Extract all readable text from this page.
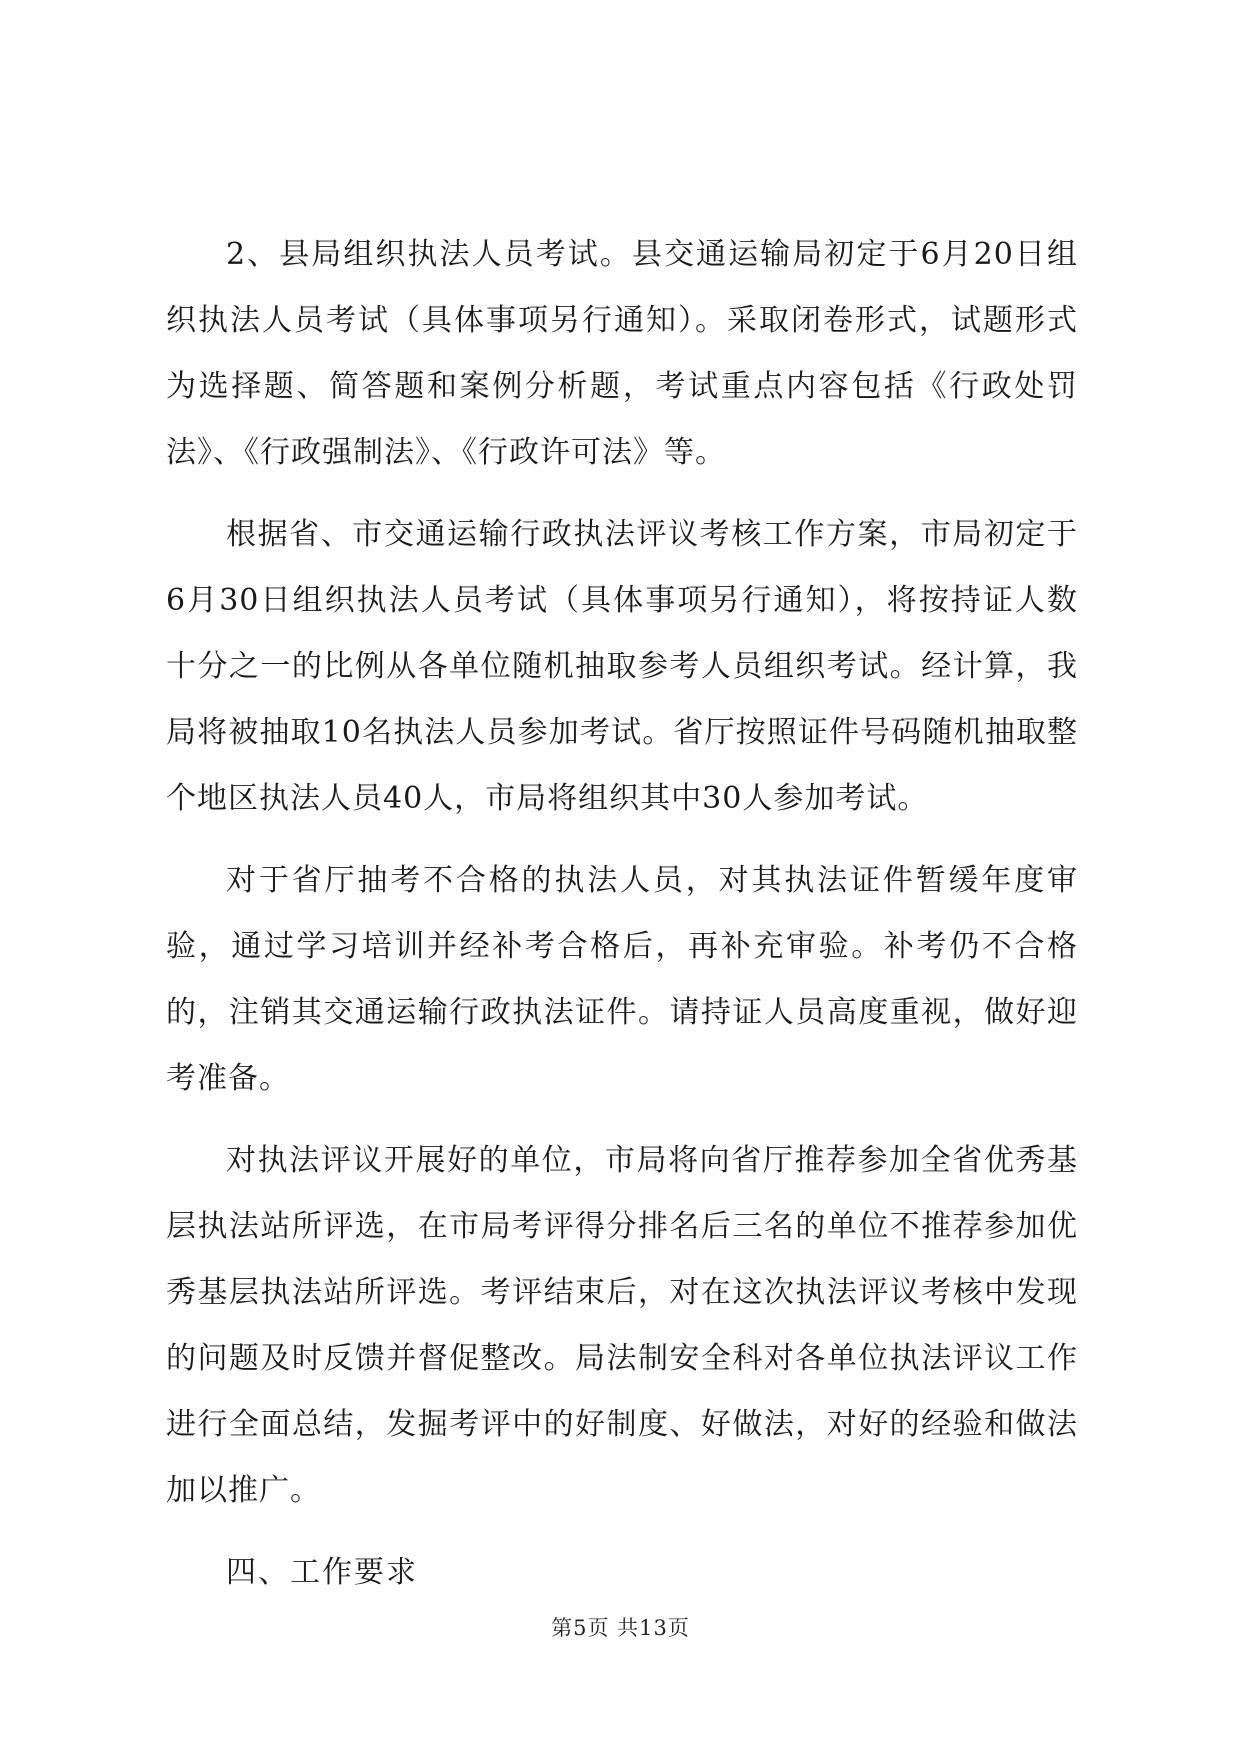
2、县局组织执法人员考试。县交通运输局初定于6月20日组织执法人员考试（具体事项另行通知）。采取闭卷形式，试题形式为选择题、简答题和案例分析题，考试重点内容包括《行政处罚法》、《行政强制法》、《行政许可法》等。

根据省、市交通运输行政执法评议考核工作方案，市局初定于6月30日组织执法人员考试（具体事项另行通知），将按持证人数十分之一的比例从各单位随机抽取参考人员组织考试。经计算，我局将被抽取10名执法人员参加考试。省厅按照证件号码随机抽取整个地区执法人员40人，市局将组织其中30人参加考试。

对于省厅抽考不合格的执法人员，对其执法证件暂缓年度审验，通过学习培训并经补考合格后，再补充审验。补考仍不合格的，注销其交通运输行政执法证件。请持证人员高度重视，做好迎考准备。

对执法评议开展好的单位，市局将向省厅推荐参加全省优秀基层执法站所评选，在市局考评得分排名后三名的单位不推荐参加优秀基层执法站所评选。考评结束后，对在这次执法评议考核中发现的问题及时反馈并督促整改。局法制安全科对各单位执法评议工作进行全面总结，发掘考评中的好制度、好做法，对好的经验和做法加以推广。

四、工作要求

第5页 共13页
